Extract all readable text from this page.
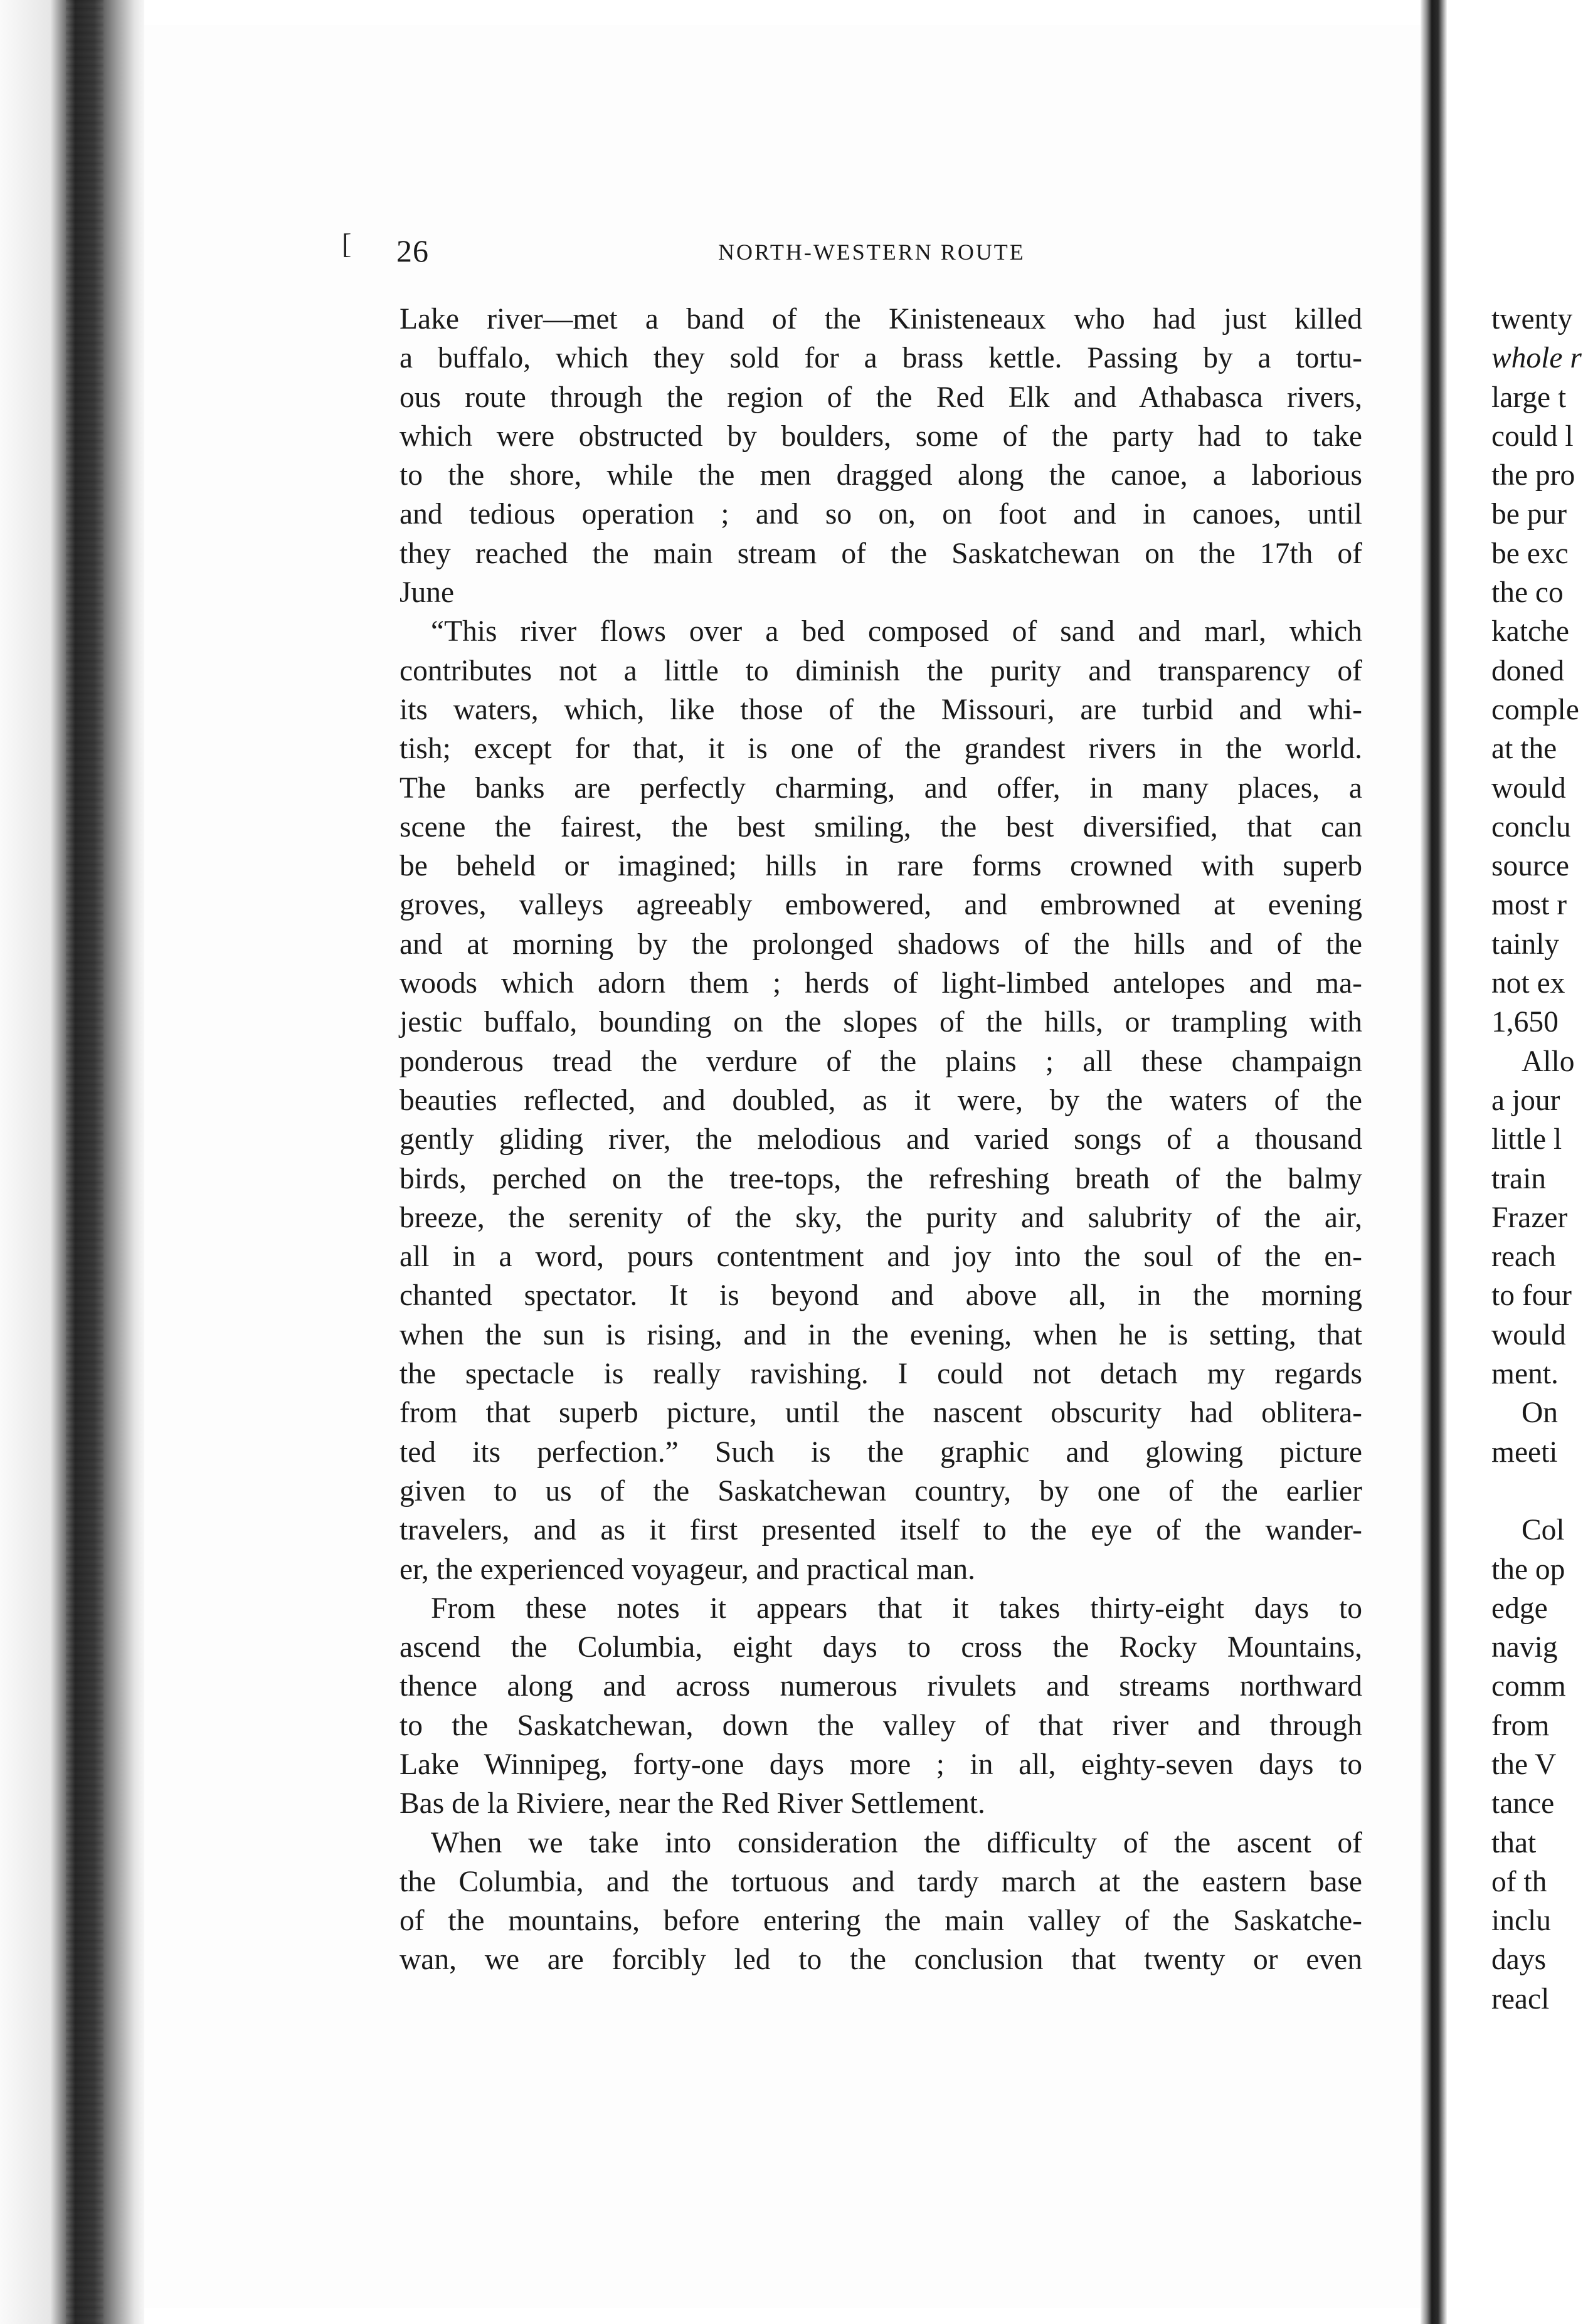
[ 26	NORTH-WESTERN ROUTE
Lake river—met a band of the Kinisteneaux who had just killed
a buffalo, which they sold for a brass kettle. Passing by a tortu-
ous route through the region of the Red Elk and Athabasca rivers,
which were obstructed by boulders, some of the party had to take
to the shore, while the men dragged along the canoe, a laborious
and tedious operation ; and so on, on foot and in canoes, until
they reached the main stream of the Saskatchewan on the 17th of
June
“This river flows over a bed composed of sand and marl, which
contributes not a little to diminish the purity and transparency of
its waters, which, like those of the Missouri, are turbid and whi-
tish; except for that, it is one of the grandest rivers in the world.
The banks are perfectly charming, and offer, in many places, a
scene the fairest, the best smiling, the best diversified, that can
be beheld or imagined; hills in rare forms crowned with superb
groves, valleys agreeably embowered, and embrowned at evening
and at morning by the prolonged shadows of the hills and of the
woods which adorn them ; herds of light-limbed antelopes and ma-
jestic buffalo, bounding on the slopes of the hills, or trampling with
ponderous tread the verdure of the plains ; all these champaign
beauties reflected, and doubled, as it were, by the waters of the
gently gliding river, the melodious and varied songs of a thousand
birds, perched on the tree-tops, the refreshing breath of the balmy
breeze, the serenity of the sky, the purity and salubrity of the air,
all in a word, pours contentment and joy into the soul of the en-
chanted spectator. It is beyond and above all, in the morning
when the sun is rising, and in the evening, when he is setting, that
the spectacle is really ravishing. I could not detach my regards
from that superb picture, until the nascent obscurity had oblitera-
ted its perfection.” Such is the graphic and glowing picture
given to us of the Saskatchewan country, by one of the earlier
travelers, and as it first presented itself to the eye of the wander-
er, the experienced voyageur, and practical man.
From these notes it appears that it takes thirty-eight days to
ascend the Columbia, eight days to cross the Rocky Mountains,
thence along and across numerous rivulets and streams northward
to the Saskatchewan, down the valley of that river and through
Lake Winnipeg, forty-one days more ; in all, eighty-seven days to
Bas de la Riviere, near the Red River Settlement.
When we take into consideration the difficulty of the ascent of
the Columbia, and the tortuous and tardy march at the eastern base
of the mountains, before entering the main valley of the Saskatche-
wan, we are forcibly led to the conclusion that twenty or even
twenty
whole r
large t
could l
the pro
be pur
be exc
the co
katche
doned
comple
at the
would
conclu
source
most r
tainly
not ex
1,650
Allo
a jour
little l
train
Frazer
reach
to four
would
ment.
On
meeti
Col
the op
edge
navig
comm
from
the V
tance
that
of th
inclu
days
reacl
